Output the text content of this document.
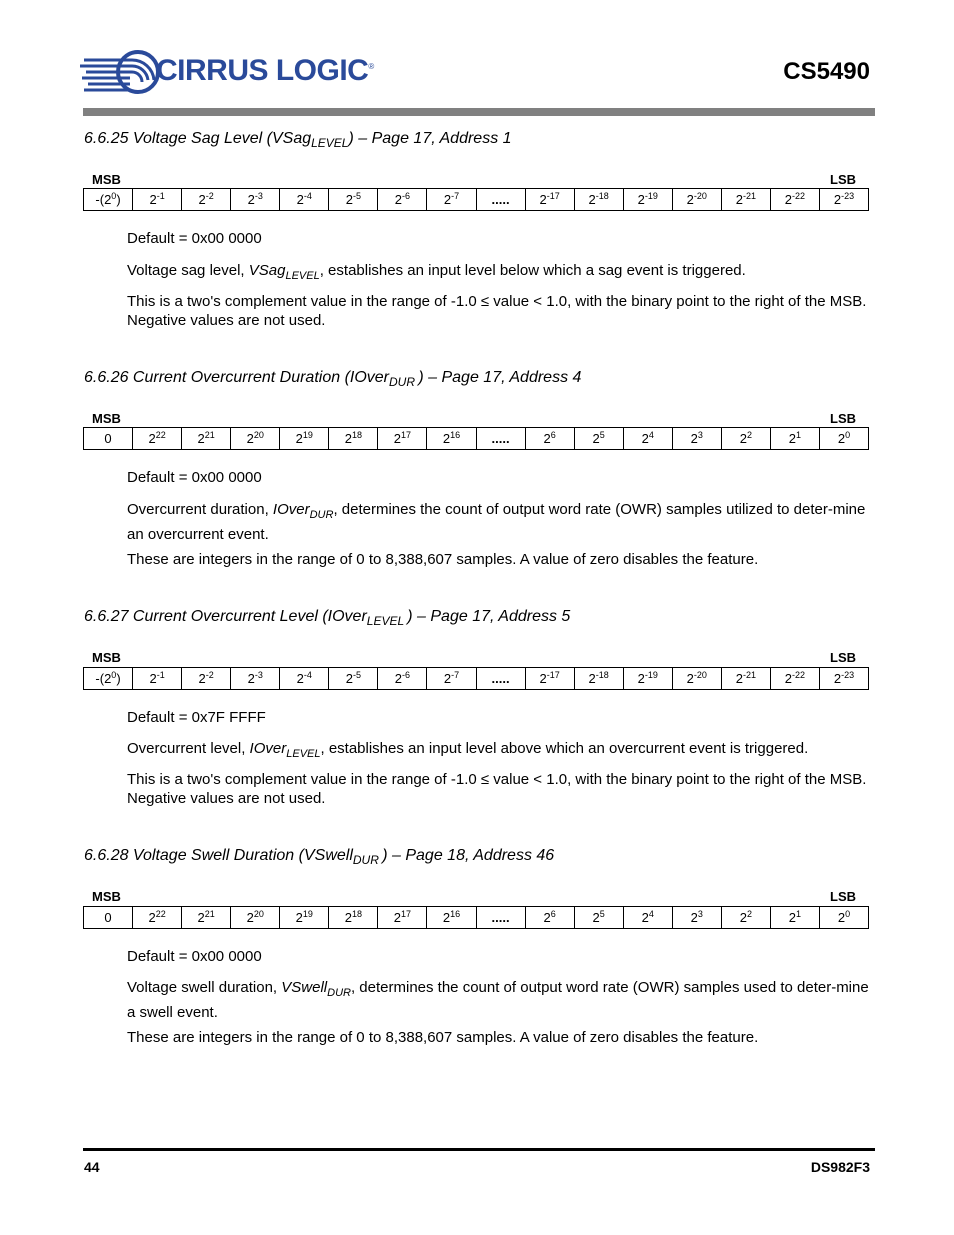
CIRRUS LOGIC®	CS5490
6.6.25 Voltage Sag Level (VSag$_{LEVEL}$) – Page 17, Address 1
MSB	LSB
$-(2^0)$	$2^{-1}$	$2^{-2}$	$2^{-3}$	$2^{-4}$	$2^{-5}$	$2^{-6}$	$2^{-7}$	.....	$2^{-17}$	$2^{-18}$	$2^{-19}$	$2^{-20}$	$2^{-21}$	$2^{-22}$	$2^{-23}$
Default = 0x00 0000
Voltage sag level, VSag$_{LEVEL}$, establishes an input level below which a sag event is triggered.
This is a two's complement value in the range of -1.0 ≤ value < 1.0, with the binary point to the right of the MSB. Negative values are not used.
6.6.26 Current Overcurrent Duration (IOver$_{DUR}$ ) – Page 17, Address 4
MSB	LSB
0	$2^{22}$	$2^{21}$	$2^{20}$	$2^{19}$	$2^{18}$	$2^{17}$	$2^{16}$	.....	$2^6$	$2^5$	$2^4$	$2^3$	$2^2$	$2^1$	$2^0$
Default = 0x00 0000
Overcurrent duration, IOver$_{DUR}$, determines the count of output word rate (OWR) samples utilized to deter-mine an overcurrent event.
These are integers in the range of 0 to 8,388,607 samples. A value of zero disables the feature.
6.6.27 Current Overcurrent Level (IOver$_{LEVEL}$ ) – Page 17, Address 5
MSB	LSB
$-(2^0)$	$2^{-1}$	$2^{-2}$	$2^{-3}$	$2^{-4}$	$2^{-5}$	$2^{-6}$	$2^{-7}$	.....	$2^{-17}$	$2^{-18}$	$2^{-19}$	$2^{-20}$	$2^{-21}$	$2^{-22}$	$2^{-23}$
Default = 0x7F FFFF
Overcurrent level, IOver$_{LEVEL}$, establishes an input level above which an overcurrent event is triggered.
This is a two's complement value in the range of -1.0 ≤ value < 1.0, with the binary point to the right of the MSB. Negative values are not used.
6.6.28 Voltage Swell Duration (VSwell$_{DUR}$ ) – Page 18, Address 46
MSB	LSB
0	$2^{22}$	$2^{21}$	$2^{20}$	$2^{19}$	$2^{18}$	$2^{17}$	$2^{16}$	.....	$2^6$	$2^5$	$2^4$	$2^3$	$2^2$	$2^1$	$2^0$
Default = 0x00 0000
Voltage swell duration, VSwell$_{DUR}$, determines the count of output word rate (OWR) samples used to deter-mine a swell event.
These are integers in the range of 0 to 8,388,607 samples. A value of zero disables the feature.
44	DS982F3
